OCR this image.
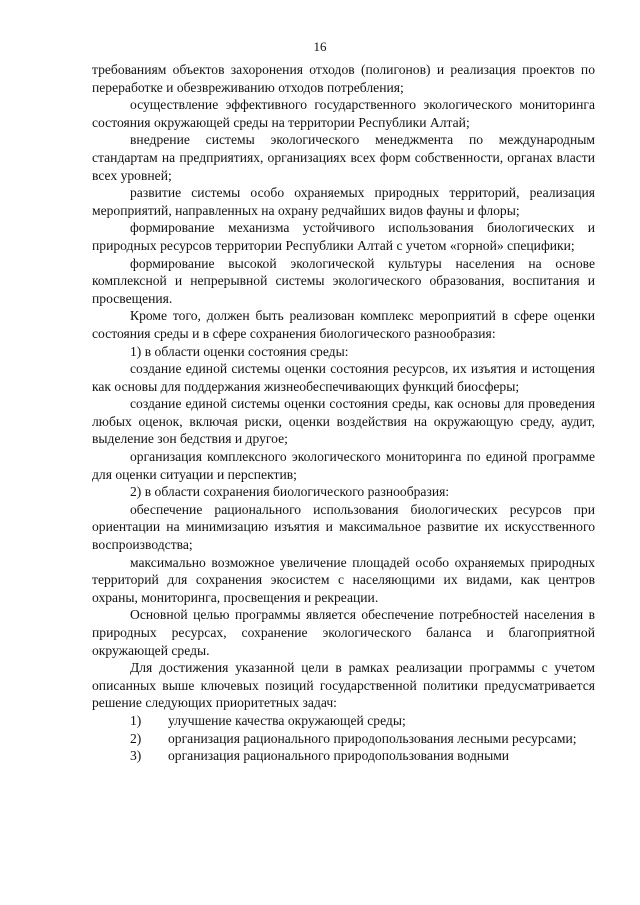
16

требованиям объектов захоронения отходов (полигонов) и реализация проектов по переработке и обезвреживанию отходов потребления;

осуществление эффективного государственного экологического мониторинга состояния окружающей среды на территории Республики Алтай;

внедрение системы экологического менеджмента по международным стандартам на предприятиях, организациях всех форм собственности, органах власти всех уровней;

развитие системы особо охраняемых природных территорий, реализация мероприятий, направленных на охрану редчайших видов фауны и флоры;

формирование механизма устойчивого использования биологических и природных ресурсов территории Республики Алтай с учетом «горной» специфики;

формирование высокой экологической культуры населения на основе комплексной и непрерывной системы экологического образования, воспитания и просвещения.

Кроме того, должен быть реализован комплекс мероприятий в сфере оценки состояния среды и в сфере сохранения биологического разнообразия:

1) в области оценки состояния среды:

создание единой системы оценки состояния ресурсов, их изъятия и истощения как основы для поддержания жизнеобеспечивающих функций биосферы;

создание единой системы оценки состояния среды, как основы для проведения любых оценок, включая риски, оценки воздействия на окружающую среду, аудит, выделение зон бедствия и другое;

организация комплексного экологического мониторинга по единой программе для оценки ситуации и перспектив;

2) в области сохранения биологического разнообразия:

обеспечение рационального использования биологических ресурсов при ориентации на минимизацию изъятия и максимальное развитие их искусственного воспроизводства;

максимально возможное увеличение площадей особо охраняемых природных территорий для сохранения экосистем с населяющими их видами, как центров охраны, мониторинга, просвещения и рекреации.

Основной целью программы является обеспечение потребностей населения в природных ресурсах, сохранение экологического баланса и благоприятной окружающей среды.

Для достижения указанной цели в рамках реализации программы с учетом описанных выше ключевых позиций государственной политики предусматривается решение следующих приоритетных задач:

1) улучшение качества окружающей среды;

2) организация рационального природопользования лесными ресурсами;

3) организация рационального природопользования водными
